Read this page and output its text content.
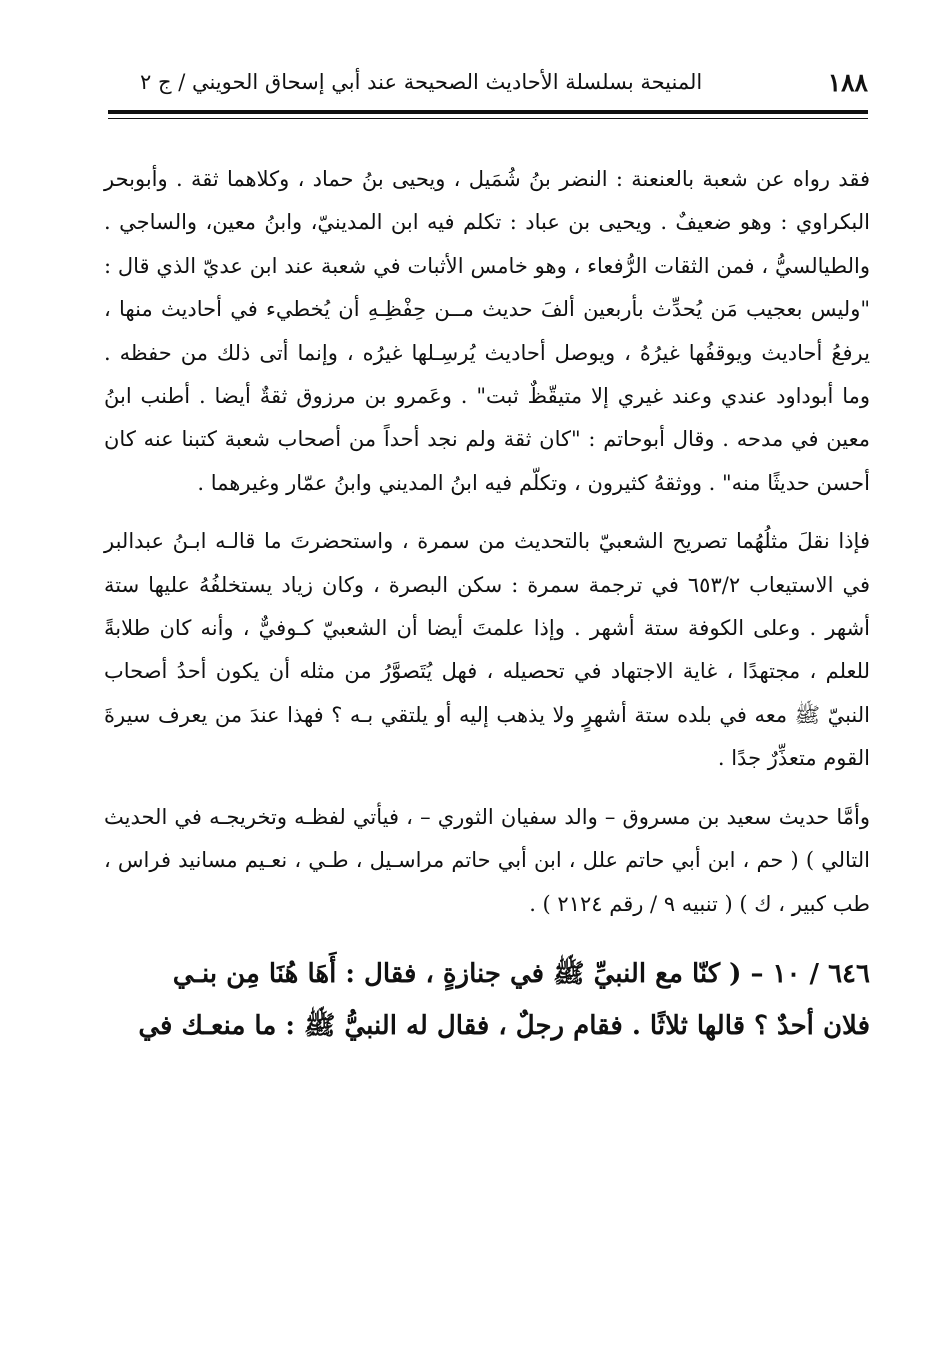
١٨٨
المنيحة بسلسلة الأحاديث الصحيحة عند أبي إسحاق الحويني / ج ٢

فقد رواه عن شعبة بالعنعنة : النضر بنُ شُمَيل ، ويحيى بنُ حماد ، وكلاهما ثقة . وأبوبحر البكراوي : وهو ضعيفٌ . ويحيى بن عباد : تكلم فيه ابن المدينيّ، وابنُ معين، والساجي . والطيالسيُّ ، فمن الثقات الرُّفعاء ، وهو خامس الأثبات في شعبة عند ابن عديّ الذي قال : "وليس بعجيب مَن يُحدِّث بأربعين ألفَ حديث مــن حِفْظِـهِ أن يُخطيء في أحاديث منها ، يرفعُ أحاديث ويوقفُها غيرُهُ ، ويوصل أحاديث يُرسِـلها غيرُه ، وإنما أتى ذلك من حفظه . وما أبوداود عندي وعند غيري إلا متيقّظٌ ثبت" . وعَمرو بن مرزوق ثقةٌ أيضا . أطنب ابنُ معين في مدحه . وقال أبوحاتم : "كان ثقة ولم نجد أحداً من أصحاب شعبة كتبنا عنه كان أحسن حديثًا منه" . ووثقهُ كثيرون ، وتكلّم فيه ابنُ المديني وابنُ عمّار وغيرهما .

فإذا نقلَ مثلُهُما تصريح الشعبيّ بالتحديث من سمرة ، واستحضرتَ ما قالـه ابـنُ عبدالبر في الاستيعاب ٦٥٣/٢ في ترجمة سمرة : سكن البصرة ، وكان زياد يستخلفُهُ عليها ستة أشهر . وعلى الكوفة ستة أشهر . وإذا علمتَ أيضا أن الشعبيّ كـوفيٌّ ، وأنه كان طلابةً للعلم ، مجتهدًا ، غاية الاجتهاد في تحصيله ، فهل يُتَصوَّرُ من مثله أن يكون أحدُ أصحاب النبيّ ﷺ معه في بلده ستة أشهرٍ ولا يذهب إليه أو يلتقي بـه ؟ فهذا عندَ من يعرف سيرةَ القوم متعذِّرٌ جدًا .

وأمَّا حديث سعيد بن مسروق – والد سفيان الثوري – ، فيأتي لفظـه وتخريجـه في الحديث التالي ) ( حم ، ابن أبي حاتم علل ، ابن أبي حاتم مراسـيل ، طـي ، نعـيم مسانيد فراس ، طب كبير ، ك ) ( تنبيه ٩ / رقم ٢١٢٤ ) .

٦٤٦ / ١٠ – ( كنّا مع النبيِّ ﷺ في جنازةٍ ، فقال : أَهَا هُنَا مِن بنـي

فلان أحدٌ ؟ قالها ثلاثًا . فقام رجلٌ ، فقال له النبيُّ ﷺ : ما منعـك في
